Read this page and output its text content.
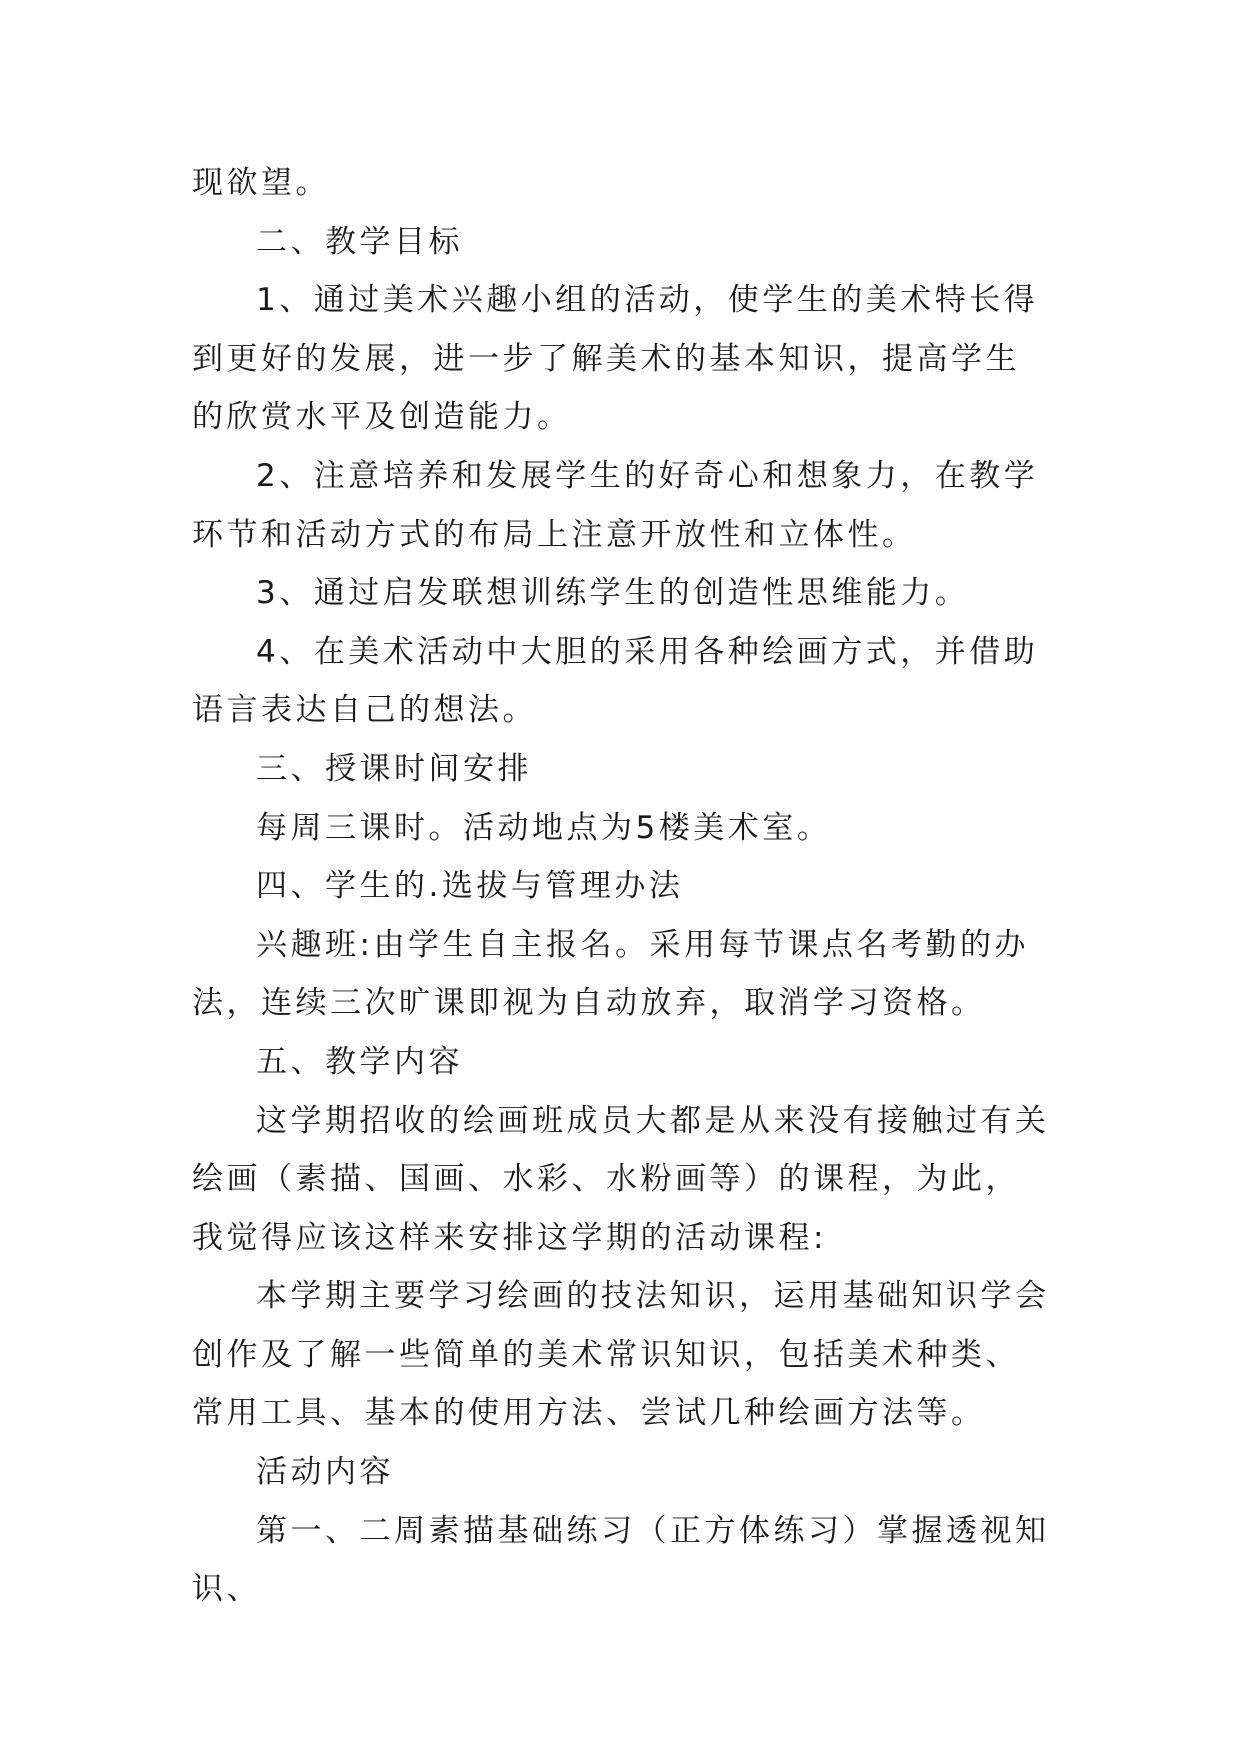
现欲望。

二、教学目标

1、通过美术兴趣小组的活动，使学生的美术特长得到更好的发展，进一步了解美术的基本知识，提高学生的欣赏水平及创造能力。

2、注意培养和发展学生的好奇心和想象力，在教学环节和活动方式的布局上注意开放性和立体性。

3、通过启发联想训练学生的创造性思维能力。

4、在美术活动中大胆的采用各种绘画方式，并借助语言表达自己的想法。

三、授课时间安排

每周三课时。活动地点为5楼美术室。

四、学生的.选拔与管理办法

兴趣班:由学生自主报名。采用每节课点名考勤的办法，连续三次旷课即视为自动放弃，取消学习资格。

五、教学内容

这学期招收的绘画班成员大都是从来没有接触过有关绘画（素描、国画、水彩、水粉画等）的课程，为此，我觉得应该这样来安排这学期的活动课程:

本学期主要学习绘画的技法知识，运用基础知识学会创作及了解一些简单的美术常识知识，包括美术种类、常用工具、基本的使用方法、尝试几种绘画方法等。

活动内容

第一、二周素描基础练习（正方体练习）掌握透视知识、
